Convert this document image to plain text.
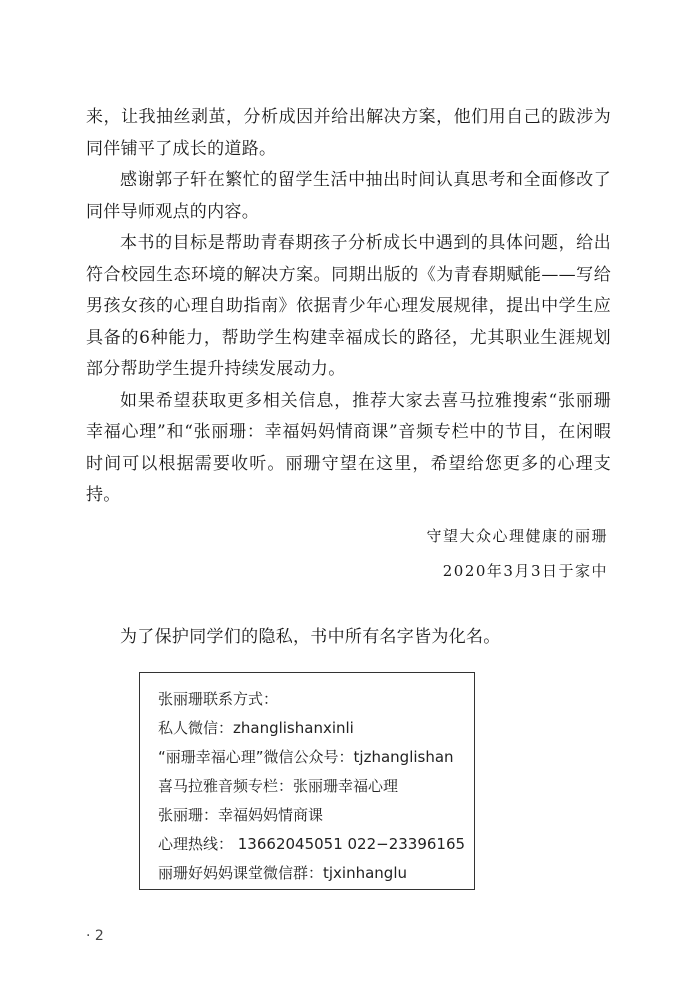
来，让我抽丝剥茧，分析成因并给出解决方案，他们用自己的跋涉为同伴铺平了成长的道路。

感谢郭子轩在繁忙的留学生活中抽出时间认真思考和全面修改了同伴导师观点的内容。

本书的目标是帮助青春期孩子分析成长中遇到的具体问题，给出符合校园生态环境的解决方案。同期出版的《为青春期赋能——写给男孩女孩的心理自助指南》依据青少年心理发展规律，提出中学生应具备的6种能力，帮助学生构建幸福成长的路径，尤其职业生涯规划部分帮助学生提升持续发展动力。

如果希望获取更多相关信息，推荐大家去喜马拉雅搜索“张丽珊幸福心理”和“张丽珊：幸福妈妈情商课”音频专栏中的节目，在闲暇时间可以根据需要收听。丽珊守望在这里，希望给您更多的心理支持。

守望大众心理健康的丽珊
2020年3月3日于家中
为了保护同学们的隐私，书中所有名字皆为化名。
张丽珊联系方式：
私人微信：zhanglishanxinli
“丽珊幸福心理”微信公众号：tjzhanglishan
喜马拉雅音频专栏：张丽珊幸福心理
张丽珊：幸福妈妈情商课
心理热线： 13662045051 022−23396165
丽珊好妈妈课堂微信群：tjxinhanglu
· 2
